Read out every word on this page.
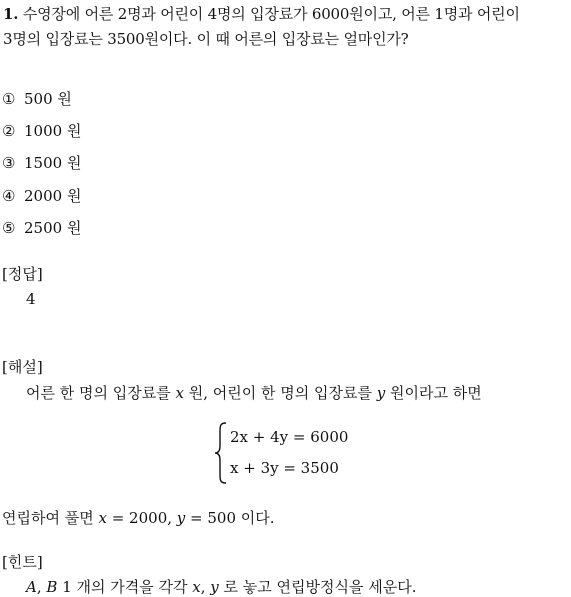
1. 수영장에 어른 2명과 어린이 4명의 입장료가 6000원이고, 어른 1명과 어린이
3명의 입장료는 3500원이다. 이 때 어른의 입장료는 얼마인가?
① 500 원
② 1000 원
③ 1500 원
④ 2000 원
⑤ 2500 원
[정답]
4
[해설]
어른 한 명의 입장료를 x 원, 어린이 한 명의 입장료를 y 원이라고 하면
2x + 4y = 6000
x + 3y = 3500
연립하여 풀면 x = 2000, y = 500 이다.
[힌트]
A, B 1 개의 가격을 각각 x, y 로 놓고 연립방정식을 세운다.
